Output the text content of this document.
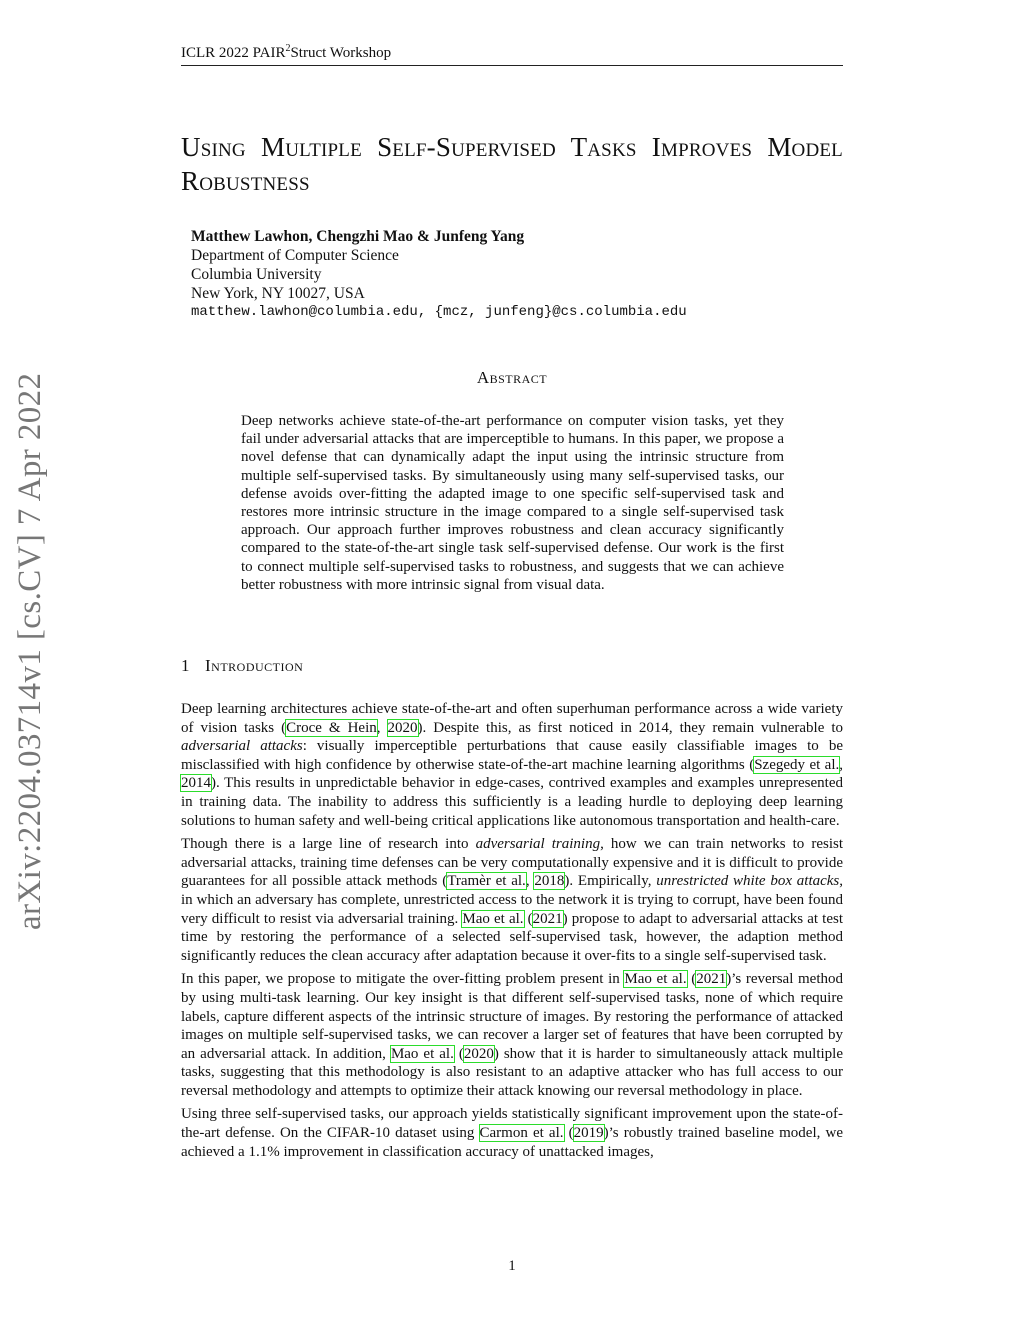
ICLR 2022 PAIR$^2$Struct Workshop
arXiv:2204.03714v1 [cs.CV] 7 Apr 2022
Using Multiple Self-Supervised Tasks Improves Model Robustness
Matthew Lawhon, Chengzhi Mao & Junfeng Yang
Department of Computer Science
Columbia University
New York, NY 10027, USA
matthew.lawhon@columbia.edu, {mcz, junfeng}@cs.columbia.edu
Abstract
Deep networks achieve state-of-the-art performance on computer vision tasks, yet they fail under adversarial attacks that are imperceptible to humans. In this paper, we propose a novel defense that can dynamically adapt the input using the intrinsic structure from multiple self-supervised tasks. By simultaneously using many self-supervised tasks, our defense avoids over-fitting the adapted image to one specific self-supervised task and restores more intrinsic structure in the image compared to a single self-supervised task approach. Our approach further improves robustness and clean accuracy significantly compared to the state-of-the-art single task self-supervised defense. Our work is the first to connect multiple self-supervised tasks to robustness, and suggests that we can achieve better robustness with more intrinsic signal from visual data.
1 Introduction

Deep learning architectures achieve state-of-the-art and often superhuman performance across a wide variety of vision tasks (Croce & Hein, 2020). Despite this, as first noticed in 2014, they remain vulnerable to adversarial attacks: visually imperceptible perturbations that cause easily classifiable images to be misclassified with high confidence by otherwise state-of-the-art machine learning algorithms (Szegedy et al., 2014). This results in unpredictable behavior in edge-cases, contrived examples and examples unrepresented in training data. The inability to address this sufficiently is a leading hurdle to deploying deep learning solutions to human safety and well-being critical applications like autonomous transportation and health-care.

Though there is a large line of research into adversarial training, how we can train networks to resist adversarial attacks, training time defenses can be very computationally expensive and it is difficult to provide guarantees for all possible attack methods (Tramèr et al., 2018). Empirically, unrestricted white box attacks, in which an adversary has complete, unrestricted access to the network it is trying to corrupt, have been found very difficult to resist via adversarial training. Mao et al. (2021) propose to adapt to adversarial attacks at test time by restoring the performance of a selected self-supervised task, however, the adaption method significantly reduces the clean accuracy after adaptation because it over-fits to a single self-supervised task.

In this paper, we propose to mitigate the over-fitting problem present in Mao et al. (2021)’s reversal method by using multi-task learning. Our key insight is that different self-supervised tasks, none of which require labels, capture different aspects of the intrinsic structure of images. By restoring the performance of attacked images on multiple self-supervised tasks, we can recover a larger set of features that have been corrupted by an adversarial attack. In addition, Mao et al. (2020) show that it is harder to simultaneously attack multiple tasks, suggesting that this methodology is also resistant to an adaptive attacker who has full access to our reversal methodology and attempts to optimize their attack knowing our reversal methodology in place.

Using three self-supervised tasks, our approach yields statistically significant improvement upon the state-of-the-art defense. On the CIFAR-10 dataset using Carmon et al. (2019)’s robustly trained baseline model, we achieved a 1.1% improvement in classification accuracy of unattacked images,

1
